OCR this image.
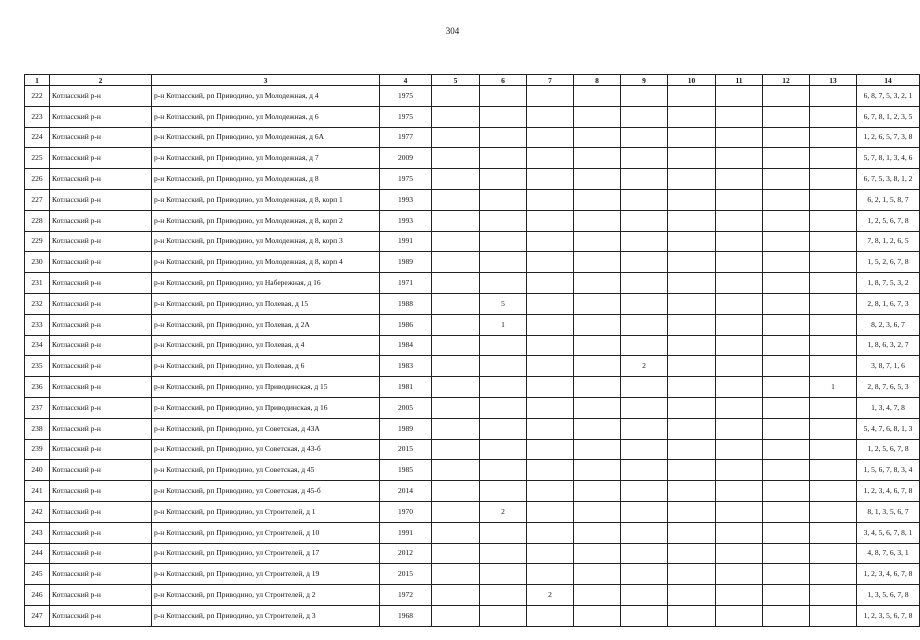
304
1	2	3	4	5	6	7	8	9	10	11	12	13	14
222	Котласский р-н	р-н Котласский, рп Приводино, ул Молодежная, д 4	1975										6, 8, 7, 5, 3, 2, 1
223	Котласский р-н	р-н Котласский, рп Приводино, ул Молодежная, д 6	1975										6, 7, 8, 1, 2, 3, 5
224	Котласский р-н	р-н Котласский, рп Приводино, ул Молодежная, д 6А	1977										1, 2, 6, 5, 7, 3, 8
225	Котласский р-н	р-н Котласский, рп Приводино, ул Молодежная, д 7	2009										5, 7, 8, 1, 3, 4, 6
226	Котласский р-н	р-н Котласский, рп Приводино, ул Молодежная, д 8	1975										6, 7, 5, 3, 8, 1, 2
227	Котласский р-н	р-н Котласский, рп Приводино, ул Молодежная, д 8, корп 1	1993										6, 2, 1, 5, 8, 7
228	Котласский р-н	р-н Котласский, рп Приводино, ул Молодежная, д 8, корп 2	1993										1, 2, 5, 6, 7, 8
229	Котласский р-н	р-н Котласский, рп Приводино, ул Молодежная, д 8, корп 3	1991										7, 8, 1, 2, 6, 5
230	Котласский р-н	р-н Котласский, рп Приводино, ул Молодежная, д 8, корп 4	1989										1, 5, 2, 6, 7, 8
231	Котласский р-н	р-н Котласский, рп Приводино, ул Набережная, д 16	1971										1, 8, 7, 5, 3, 2
232	Котласский р-н	р-н Котласский, рп Приводино, ул Полевая, д 15	1988		5								2, 8, 1, 6, 7, 3
233	Котласский р-н	р-н Котласский, рп Приводино, ул Полевая, д 2А	1986		1								8, 2, 3, 6, 7
234	Котласский р-н	р-н Котласский, рп Приводино, ул Полевая, д 4	1984										1, 8, 6, 3, 2, 7
235	Котласский р-н	р-н Котласский, рп Приводино, ул Полевая, д 6	1983					2					3, 8, 7, 1, 6
236	Котласский р-н	р-н Котласский, рп Приводино, ул Приводинская, д 15	1981									1	2, 8, 7, 6, 5, 3
237	Котласский р-н	р-н Котласский, рп Приводино, ул Приводинская, д 16	2005										1, 3, 4, 7, 8
238	Котласский р-н	р-н Котласский, рп Приводино, ул Советская, д 43А	1989										5, 4, 7, 6, 8, 1, 3
239	Котласский р-н	р-н Котласский, рп Приводино, ул Советская, д 43-б	2015										1, 2, 5, 6, 7, 8
240	Котласский р-н	р-н Котласский, рп Приводино, ул Советская, д 45	1985										1, 5, 6, 7, 8, 3, 4
241	Котласский р-н	р-н Котласский, рп Приводино, ул Советская, д 45-б	2014										1, 2, 3, 4, 6, 7, 8
242	Котласский р-н	р-н Котласский, рп Приводино, ул Строителей, д 1	1970		2								8, 1, 3, 5, 6, 7
243	Котласский р-н	р-н Котласский, рп Приводино, ул Строителей, д 10	1991										3, 4, 5, 6, 7, 8, 1
244	Котласский р-н	р-н Котласский, рп Приводино, ул Строителей, д 17	2012										4, 8, 7, 6, 3, 1
245	Котласский р-н	р-н Котласский, рп Приводино, ул Строителей, д 19	2015										1, 2, 3, 4, 6, 7, 8
246	Котласский р-н	р-н Котласский, рп Приводино, ул Строителей, д 2	1972			2							1, 3, 5, 6, 7, 8
247	Котласский р-н	р-н Котласский, рп Приводино, ул Строителей, д 3	1968										1, 2, 3, 5, 6, 7, 8
